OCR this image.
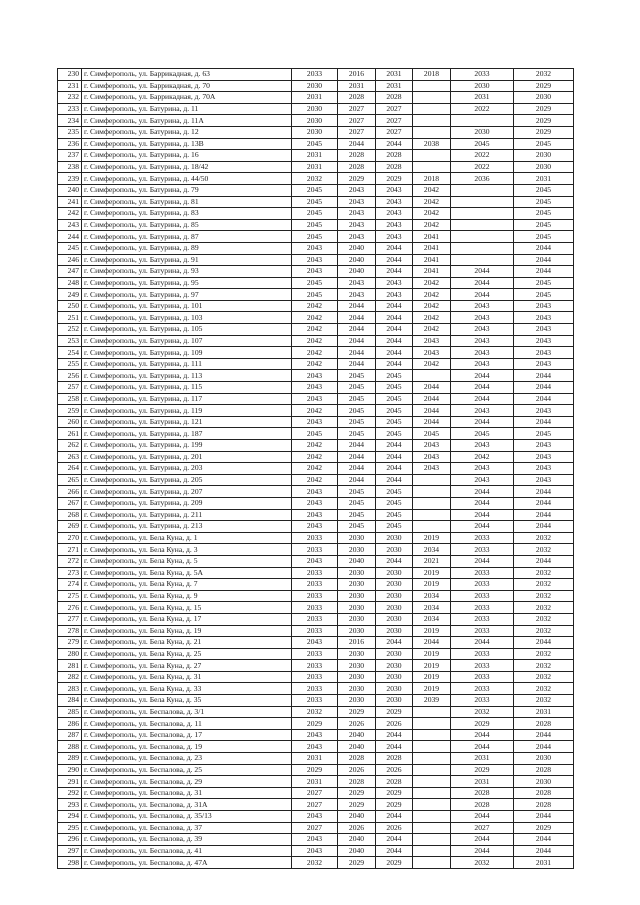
230	г. Симферополь, ул. Баррикадная, д. 63	2033	2016	2031	2018	2033	2032
231	г. Симферополь, ул. Баррикадная, д. 70	2030	2031	2031		2030	2029
232	г. Симферополь, ул. Баррикадная, д. 70А	2031	2028	2028		2031	2030
233	г. Симферополь, ул. Батурина, д. 11	2030	2027	2027		2022	2029
234	г. Симферополь, ул. Батурина, д. 11А	2030	2027	2027			2029
235	г. Симферополь, ул. Батурина, д. 12	2030	2027	2027		2030	2029
236	г. Симферополь, ул. Батурина, д. 13В	2045	2044	2044	2038	2045	2045
237	г. Симферополь, ул. Батурина, д. 16	2031	2028	2028		2022	2030
238	г. Симферополь, ул. Батурина, д. 18/42	2031	2028	2028		2022	2030
239	г. Симферополь, ул. Батурина, д. 44/50	2032	2029	2029	2018	2036	2031
240	г. Симферополь, ул. Батурина, д. 79	2045	2043	2043	2042		2045
241	г. Симферополь, ул. Батурина, д. 81	2045	2043	2043	2042		2045
242	г. Симферополь, ул. Батурина, д. 83	2045	2043	2043	2042		2045
243	г. Симферополь, ул. Батурина, д. 85	2045	2043	2043	2042		2045
244	г. Симферополь, ул. Батурина, д. 87	2045	2043	2043	2041		2045
245	г. Симферополь, ул. Батурина, д. 89	2043	2040	2044	2041		2044
246	г. Симферополь, ул. Батурина, д. 91	2043	2040	2044	2041		2044
247	г. Симферополь, ул. Батурина, д. 93	2043	2040	2044	2041	2044	2044
248	г. Симферополь, ул. Батурина, д. 95	2045	2043	2043	2042	2044	2045
249	г. Симферополь, ул. Батурина, д. 97	2045	2043	2043	2042	2044	2045
250	г. Симферополь, ул. Батурина, д. 101	2042	2044	2044	2042	2043	2043
251	г. Симферополь, ул. Батурина, д. 103	2042	2044	2044	2042	2043	2043
252	г. Симферополь, ул. Батурина, д. 105	2042	2044	2044	2042	2043	2043
253	г. Симферополь, ул. Батурина, д. 107	2042	2044	2044	2043	2043	2043
254	г. Симферополь, ул. Батурина, д. 109	2042	2044	2044	2043	2043	2043
255	г. Симферополь, ул. Батурина, д. 111	2042	2044	2044	2042	2043	2043
256	г. Симферополь, ул. Батурина, д. 113	2043	2045	2045		2044	2044
257	г. Симферополь, ул. Батурина, д. 115	2043	2045	2045	2044	2044	2044
258	г. Симферополь, ул. Батурина, д. 117	2043	2045	2045	2044	2044	2044
259	г. Симферополь, ул. Батурина, д. 119	2042	2045	2045	2044	2043	2043
260	г. Симферополь, ул. Батурина, д. 121	2043	2045	2045	2044	2044	2044
261	г. Симферополь, ул. Батурина, д. 187	2045	2045	2045	2045	2045	2045
262	г. Симферополь, ул. Батурина, д. 199	2042	2044	2044	2043	2043	2043
263	г. Симферополь, ул. Батурина, д. 201	2042	2044	2044	2043	2042	2043
264	г. Симферополь, ул. Батурина, д. 203	2042	2044	2044	2043	2043	2043
265	г. Симферополь, ул. Батурина, д. 205	2042	2044	2044		2043	2043
266	г. Симферополь, ул. Батурина, д. 207	2043	2045	2045		2044	2044
267	г. Симферополь, ул. Батурина, д. 209	2043	2045	2045		2044	2044
268	г. Симферополь, ул. Батурина, д. 211	2043	2045	2045		2044	2044
269	г. Симферополь, ул. Батурина, д. 213	2043	2045	2045		2044	2044
270	г. Симферополь, ул. Бела Куна, д. 1	2033	2030	2030	2019	2033	2032
271	г. Симферополь, ул. Бела Куна, д. 3	2033	2030	2030	2034	2033	2032
272	г. Симферополь, ул. Бела Куна, д. 5	2043	2040	2044	2021	2044	2044
273	г. Симферополь, ул. Бела Куна, д. 5А	2033	2030	2030	2019	2033	2032
274	г. Симферополь, ул. Бела Куна, д. 7	2033	2030	2030	2019	2033	2032
275	г. Симферополь, ул. Бела Куна, д. 9	2033	2030	2030	2034	2033	2032
276	г. Симферополь, ул. Бела Куна, д. 15	2033	2030	2030	2034	2033	2032
277	г. Симферополь, ул. Бела Куна, д. 17	2033	2030	2030	2034	2033	2032
278	г. Симферополь, ул. Бела Куна, д. 19	2033	2030	2030	2019	2033	2032
279	г. Симферополь, ул. Бела Куна, д. 21	2043	2016	2044	2044	2044	2044
280	г. Симферополь, ул. Бела Куна, д. 25	2033	2030	2030	2019	2033	2032
281	г. Симферополь, ул. Бела Куна, д. 27	2033	2030	2030	2019	2033	2032
282	г. Симферополь, ул. Бела Куна, д. 31	2033	2030	2030	2019	2033	2032
283	г. Симферополь, ул. Бела Куна, д. 33	2033	2030	2030	2019	2033	2032
284	г. Симферополь, ул. Бела Куна, д. 35	2033	2030	2030	2039	2033	2032
285	г. Симферополь, ул. Беспалова, д. 3/1	2032	2029	2029		2032	2031
286	г. Симферополь, ул. Беспалова, д. 11	2029	2026	2026		2029	2028
287	г. Симферополь, ул. Беспалова, д. 17	2043	2040	2044		2044	2044
288	г. Симферополь, ул. Беспалова, д. 19	2043	2040	2044		2044	2044
289	г. Симферополь, ул. Беспалова, д. 23	2031	2028	2028		2031	2030
290	г. Симферополь, ул. Беспалова, д. 25	2029	2026	2026		2029	2028
291	г. Симферополь, ул. Беспалова, д. 29	2031	2028	2028		2031	2030
292	г. Симферополь, ул. Беспалова, д. 31	2027	2029	2029		2028	2028
293	г. Симферополь, ул. Беспалова, д. 31А	2027	2029	2029		2028	2028
294	г. Симферополь, ул. Беспалова, д. 35/13	2043	2040	2044		2044	2044
295	г. Симферополь, ул. Беспалова, д. 37	2027	2026	2026		2027	2029
296	г. Симферополь, ул. Беспалова, д. 39	2043	2040	2044		2044	2044
297	г. Симферополь, ул. Беспалова, д. 41	2043	2040	2044		2044	2044
298	г. Симферополь, ул. Беспалова, д. 47А	2032	2029	2029		2032	2031
